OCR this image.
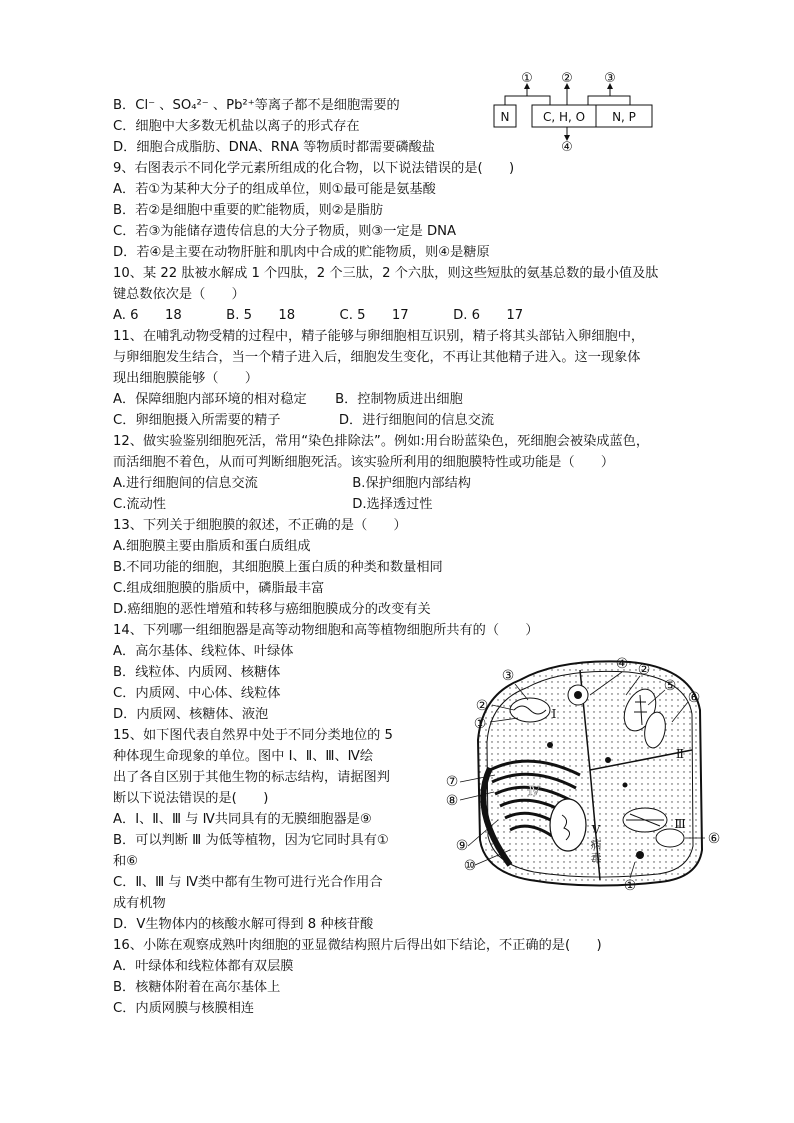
B．Cl⁻ 、SO₄²⁻ 、Pb²⁺等离子都不是细胞需要的
C．细胞中大多数无机盐以离子的形式存在
D．细胞合成脂肪、DNA、RNA 等物质时都需要磷酸盐
9、右图表示不同化学元素所组成的化合物，以下说法错误的是(　　)
A．若①为某种大分子的组成单位，则①最可能是氨基酸
B．若②是细胞中重要的贮能物质，则②是脂肪
C．若③为能储存遗传信息的大分子物质，则③一定是 DNA
D．若④是主要在动物肝脏和肌肉中合成的贮能物质，则④是糖原
10、某 22 肽被水解成 1 个四肽，2 个三肽，2 个六肽，则这些短肽的氨基总数的最小值及肽
键总数依次是（　　）
A. 6　　18	B. 5　　18	C. 5　　17	D. 6　　17
11、在哺乳动物受精的过程中，精子能够与卵细胞相互识别，精子将其头部钻入卵细胞中，
与卵细胞发生结合，当一个精子进入后，细胞发生变化，不再让其他精子进入。这一现象体
现出细胞膜能够（　　）
A．保障细胞内部环境的相对稳定 B．控制物质进出细胞
C．卵细胞摄入所需要的精子	D．进行细胞间的信息交流
12、做实验鉴别细胞死活，常用“染色排除法”。例如:用台盼蓝染色，死细胞会被染成蓝色，
而活细胞不着色，从而可判断细胞死活。该实验所利用的细胞膜特性或功能是（　　）
A.进行细胞间的信息交流	B.保护细胞内部结构
C.流动性	D.选择透过性
13、下列关于细胞膜的叙述，不正确的是（　　）
A.细胞膜主要由脂质和蛋白质组成
B.不同功能的细胞，其细胞膜上蛋白质的种类和数量相同
C.组成细胞膜的脂质中，磷脂最丰富
D.癌细胞的恶性增殖和转移与癌细胞膜成分的改变有关
14、下列哪一组细胞器是高等动物细胞和高等植物细胞所共有的（　　）
A．高尔基体、线粒体、叶绿体
B．线粒体、内质网、核糖体
C．内质网、中心体、线粒体
D．内质网、核糖体、液泡
15、如下图代表自然界中处于不同分类地位的 5
种体现生命现象的单位。图中 Ⅰ、Ⅱ、Ⅲ、Ⅳ绘
出了各自区别于其他生物的标志结构，请据图判
断以下说法错误的是(　　)
A．Ⅰ、Ⅱ、Ⅲ 与 Ⅳ共同具有的无膜细胞器是⑨
B．可以判断 Ⅲ 为低等植物，因为它同时具有①
和⑥
C．Ⅱ、Ⅲ 与 Ⅳ类中都有生物可进行光合作用合
成有机物
D．Ⅴ生物体内的核酸水解可得到 8 种核苷酸
16、小陈在观察成熟叶肉细胞的亚显微结构照片后得出如下结论，不正确的是(　　)
A．叶绿体和线粒体都有双层膜
B．核糖体附着在高尔基体上
C．内质网膜与核膜相连
① ② ③
④
N	C, H, O N, P
③
④ ②
⑤
⑥
②
①
⑦
⑧
⑨
⑩
①
⑥
Ⅰ
Ⅱ
Ⅲ
Ⅳ
Ⅴ
病
毒
